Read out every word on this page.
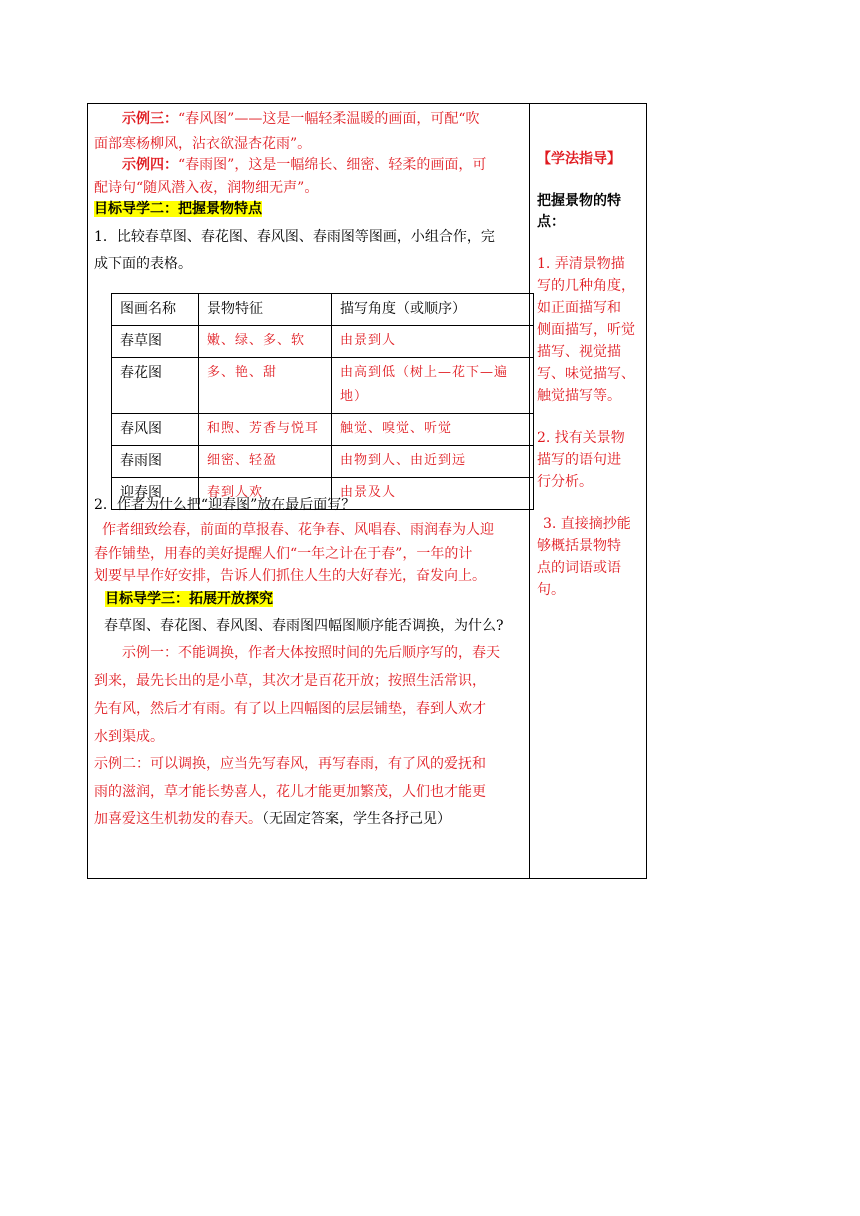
示例三：“春风图”——这是一幅轻柔温暖的画面，可配“吹
面部寒杨柳风，沾衣欲湿杏花雨”。
示例四：“春雨图”，这是一幅绵长、细密、轻柔的画面，可
配诗句“随风潜入夜，润物细无声”。
目标导学二：把握景物特点
1．比较春草图、春花图、春风图、春雨图等图画，小组合作，完
成下面的表格。
图画名称	景物特征	描写角度（或顺序）
春草图	嫩、绿、多、软	由景到人
春花图	多、艳、甜	由高到低（树上—花下—遍地）
春风图	和煦、芳香与悦耳	触觉、嗅觉、听觉
春雨图	细密、轻盈	由物到人、由近到远
迎春图	春到人欢	由景及人
2．作者为什么把“迎春图”放在最后面写？
作者细致绘春，前面的草报春、花争春、风唱春、雨润春为人迎
春作铺垫，用春的美好提醒人们“一年之计在于春”，一年的计
划要早早作好安排，告诉人们抓住人生的大好春光，奋发向上。
目标导学三：拓展开放探究
春草图、春花图、春风图、春雨图四幅图顺序能否调换，为什么?
示例一：不能调换，作者大体按照时间的先后顺序写的，春天
到来，最先长出的是小草，其次才是百花开放；按照生活常识，
先有风，然后才有雨。有了以上四幅图的层层铺垫，春到人欢才
水到渠成。
示例二：可以调换，应当先写春风，再写春雨，有了风的爱抚和
雨的滋润，草才能长势喜人，花儿才能更加繁茂，人们也才能更
加喜爱这生机勃发的春天。（无固定答案，学生各抒己见）
【学法指导】
把握景物的特
点：
1. 弄清景物描
写的几种角度，
如正面描写和
侧面描写，听觉
描写、视觉描
写、味觉描写、
触觉描写等。
2. 找有关景物
描写的语句进
行分析。
3. 直接摘抄能
够概括景物特
点的词语或语
句。
